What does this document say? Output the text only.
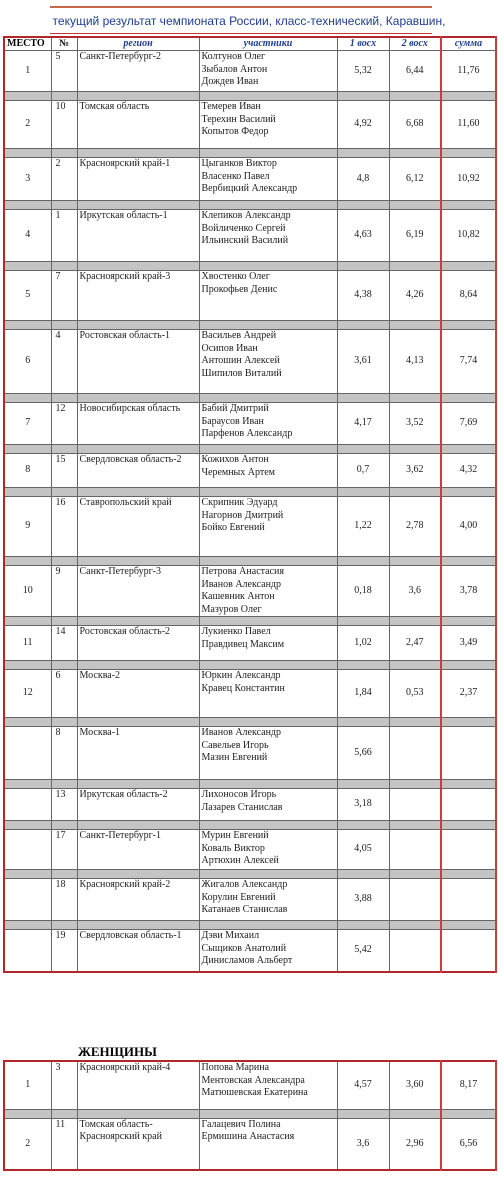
текущий результат чемпионата России, класс-технический, Каравшин,
МЕСТО	№	регион	участники	1 восх	2 восх	сумма
1	5	Санкт-Петербург-2	Колтунов Олег
Зыбалов Антон
Дождев Иван	5,32	6,44	11,76

2	10	Томская область	Темерев Иван
Терехин Василий
Копытов Федор	4,92	6,68	11,60

3	2	Красноярский край-1	Цыганков Виктор
Власенко Павел
Вербицкий Александр	4,8	6,12	10,92

4	1	Иркутская область-1	Клепиков Александр
Войличенко Сергей
Ильинский Василий	4,63	6,19	10,82

5	7	Красноярский край-3	Хвостенко Олег
Прокофьев Денис	4,38	4,26	8,64

6	4	Ростовская область-1	Васильев Андрей
Осипов Иван
Антошин Алексей
Шипилов Виталий	3,61	4,13	7,74

7	12	Новосибирская область	Бабий Дмитрий
Барауcов Иван
Парфенов Александр	4,17	3,52	7,69

8	15	Свердловская область-2	Кожихов Антон
Черемных Артем	0,7	3,62	4,32

9	16	Ставропольский край	Скрипник Эдуард
Нагорнов Дмитрий
Бойко Евгений	1,22	2,78	4,00

10	9	Санкт-Петербург-3	Петрова Анастасия
Иванов Александр
Кашевник Антон
Мазуров Олег	0,18	3,6	3,78

11	14	Ростовская область-2	Лукиенко Павел
Правдивец Максим	1,02	2,47	3,49

12	6	Москва-2	Юркин Александр
Кравец Константин	1,84	0,53	2,37

	8	Москва-1	Иванов Александр
Савельев Игорь
Мазин Евгений	5,66		

	13	Иркутская область-2	Лихоносов Игорь
Лазарев Станислав	3,18		

	17	Санкт-Петербург-1	Мурин Евгений
Коваль Виктор
Артюхин Алексей	4,05		

	18	Красноярский край-2	Жигалов Александр
Корулин Евгений
Катанаев Станислав	3,88		

	19	Свердловская область-1	Дэви Михаил
Сыщиков Анатолий
Динисламов Альберт	5,42		
ЖЕНЩИНЫ
1	3	Красноярский край-4	Попова Марина
Ментовская Александра
Матюшевская Екатерина	4,57	3,60	8,17

2	11	Томская область-
Красноярский край	Галацевич Полина
Ермишина Анастасия	3,6	2,96	6,56
